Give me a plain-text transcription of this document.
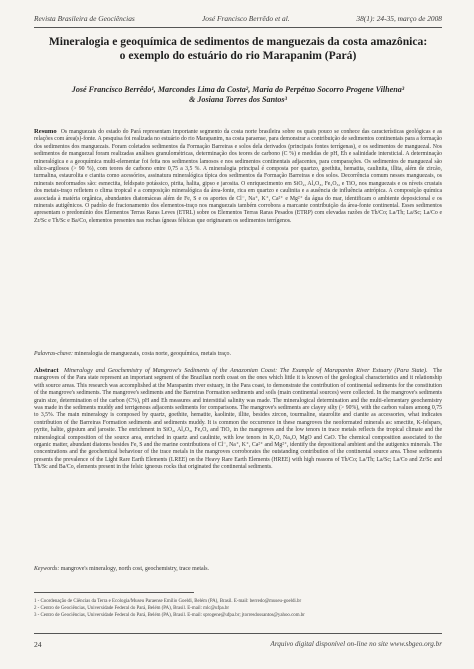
Revista Brasileira de Geociências	José Francisco Berrêdo et al.	38(1): 24-35, março de 2008
Mineralogia e geoquímica de sedimentos de manguezais da costa amazônica:
o exemplo do estuário do rio Marapanim (Pará)
José Francisco Berrêdo¹, Marcondes Lima da Costa², Maria do Perpétuo Socorro Progene Vilhena³
& Josiana Torres dos Santos³
Resumo Os manguezais do estado do Pará representam importante segmento da costa norte brasileira sobre os quais pouco se conhece das características geológicas e as relações com área(s)-fonte. A pesquisa foi realizada no estuário do rio Marapanim, na costa paraense, para demonstrar a contribuição de sedimentos continentais para a formação dos sedimentos dos manguezais. Foram coletados sedimentos da Formação Barreiras e solos dela derivados (principais fontes terrígenas), e os sedimentos de manguezal. Nos sedimentos de manguezal foram realizadas análises granulométricas, determinação dos teores de carbono (C %) e medidas de pH, Eh e salinidade intersticial. A determinação mineralógica e a geoquímica multi-elementar foi feita nos sedimentos lamosos e nos sedimentos continentais adjacentes, para comparações. Os sedimentos de manguezal são sílico-argilosos (> 90 %), com teores de carbono entre 0,75 a 3,5 %. A mineralogia principal é composta por quartzo, goethita, hematita, caulinita, illita, além de zircão, turmalina, estaurolita e cianita como acessórios, assinatura mineralógica típica dos sedimentos da Formação Barreiras e dos solos. Decorrência comum nesses manguezais, os minerais neoformados são: esmectita, feldspato potássico, pirita, halita, gipso e jarosita. O enriquecimento em SiO₂, Al₂O₃, Fe₂O₃, e TiO₂ nos manguezais e os níveis crustais dos metais-traço refletem o clima tropical e a composição mineralógica da área-fonte, rica em quartzo e caulinita e a ausência de influência antrópica. A composição química associada à matéria orgânica, abundantes diatomáceas além de Fe, S e os aportes de Cl⁻, Na⁺, K⁺, Ca²⁺ e Mg²⁺ da água do mar, identificam o ambiente deposicional e os minerais autigênicos. O padrão de fracionamento dos elementos-traço nos manguezais também corrobora a marcante contribuição da área-fonte continental. Esses sedimentos apresentam o predomínio dos Elementos Terras Raras Leves (ETRL) sobre os Elementos Terras Raras Pesados (ETRP) com elevadas razões de Th/Co; La/Th; La/Sc; La/Co e Zr/Sc e Th/Sc e Ba/Co, elementos presentes nas rochas ígneas félsicas que originaram os sedimentos terrígenos.
Palavras-chave: mineralogia de manguezais, costa norte, geoquímica, metais traço.
Abstract Mineralogy and Geochemistry of Mangrove's Sediments of the Amazonian Coast: The Example of Marapanim River Estuary (Para State). The mangroves of the Para state represent an important segment of the Brazilian north coast on the ones which little it is known of the geological characteristics and it relationship with source areas. This research was accomplished at the Marapanim river estuary, in the Para coast, to demonstrate the contribution of continental sediments for the constitution of the mangrove's sediments. The mangrove's sediments and the Barreiras Formation sediments and soils (main continental sources) were collected. In the mangrove's sediments grain size, determination of the carbon (C%), pH and Eh measures and interstitial salinity was made. The mineralogical determination and the multi-elementary geochemistry was made in the sediments muddy and terrigenous adjacents sediments for comparisons. The mangrove's sediments are clayey silty (> 90%), with the carbon values among 0,75 to 3,5%. The main mineralogy is composed by quartz, goethite, hematite, kaolinite, illite, besides zircon, tourmaline, staurolite and cianite as accessories, what indicates contribution of the Barreiras Formation sediments and sediments muddy. It is common the occurrence in these mangroves the neoformated minerals as: smectite, K-felspars, pyrite, halite, gipsium and jarosite. The enrichment in SiO₂, Al₂O₃, Fe₂O₃ and TiO₂ in the mangroves and the low tenors in trace metals reflects the tropical climate and the mineralogical composition of the source area, enriched in quartz and caulinite, with low tenors in K₂O, Na₂O, MgO and CaO. The chemical composition associated to the organic matter, abundant diatoms besides Fe, S and the marine contributions of Cl⁻, Na⁺, K⁺, Ca²⁺ and Mg²⁺, identify the depositional ambient and the autigenics minerals. The concentrations and the geochemical behaviour of the trace metals in the mangroves corroborates the outstanding contribution of the continental source area. Those sediments presents the prevalence of the Light Rare Earth Elements (LREE) on the Heavy Rare Earth Elements (HREE) with high reasons of Th/Co; La/Th; La/Sc; La/Co and Zr/Sc and Th/Sc and Ba/Co, elements present in the felsic igneous rocks that originated the continental sediments.
Keywords: mangrove's mineralogy, north cost, geochemistry, trace metals.
1 - Coordenação de Ciências da Terra e Ecologia/Museu Paraense Emílio Goeldi, Belém (PA), Brasil. E-mail: berredo@museu-goeldi.br
2 - Centro de Geociências, Universidade Federal do Pará, Belém (PA), Brasil. E-mail: mlc@ufpa.br
3 - Centro de Geociências, Universidade Federal do Pará, Belém (PA), Brasil. E-mail: sprogene@ufpa.br; jtorresdossantos@yahoo.com.br
24	Arquivo digital disponível on-line no site www.sbgeo.org.br
